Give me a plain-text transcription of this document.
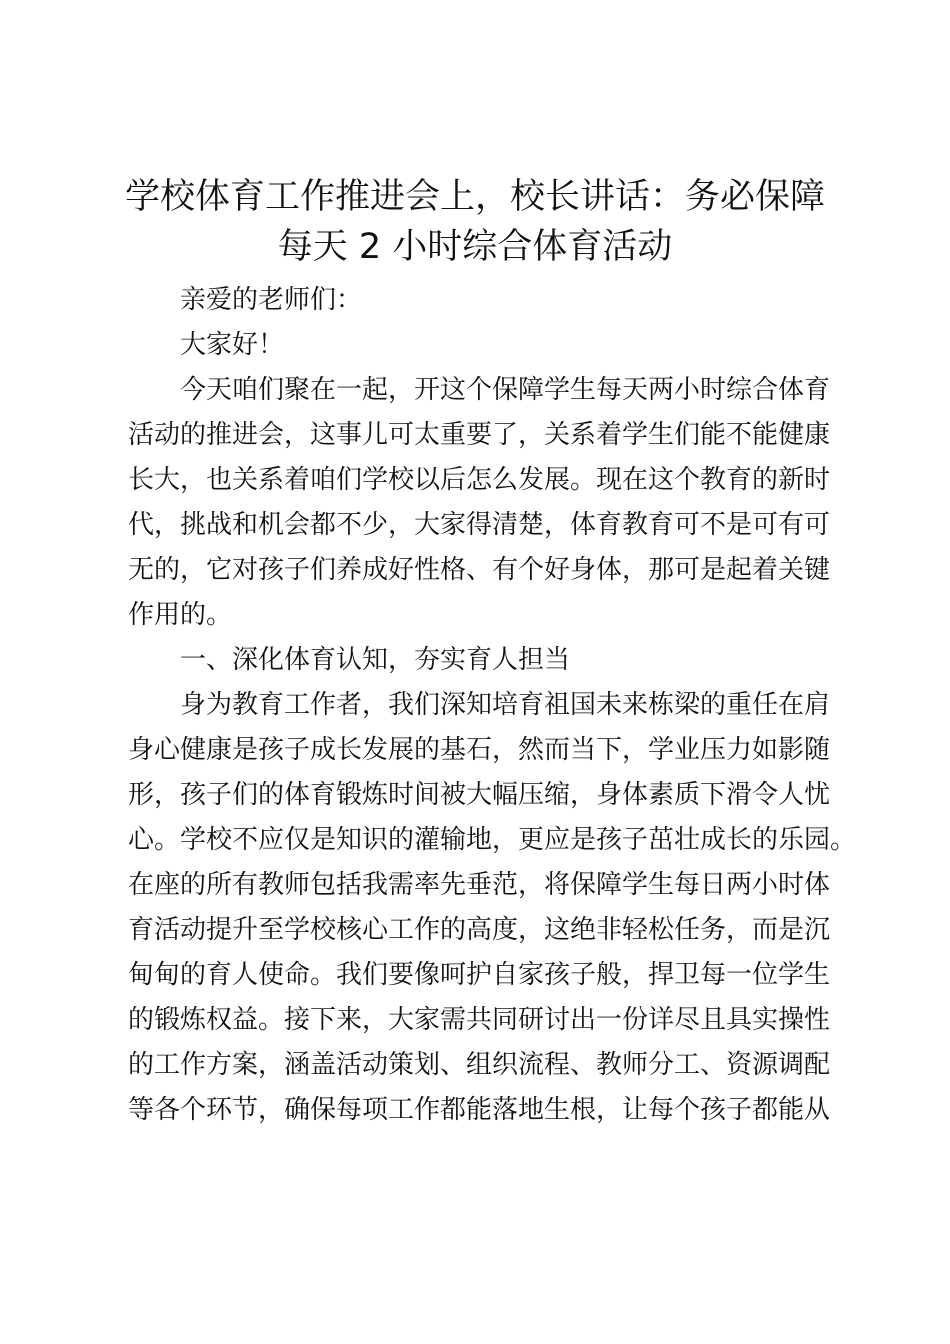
学校体育工作推进会上，校长讲话：务必保障
每天 2 小时综合体育活动
亲爱的老师们：
大家好！
今天咱们聚在一起，开这个保障学生每天两小时综合体育
活动的推进会，这事儿可太重要了，关系着学生们能不能健康
长大，也关系着咱们学校以后怎么发展。现在这个教育的新时
代，挑战和机会都不少，大家得清楚，体育教育可不是可有可
无的，它对孩子们养成好性格、有个好身体，那可是起着关键
作用的。
一、深化体育认知，夯实育人担当
身为教育工作者，我们深知培育祖国未来栋梁的重任在肩
身心健康是孩子成长发展的基石，然而当下，学业压力如影随
形，孩子们的体育锻炼时间被大幅压缩，身体素质下滑令人忧
心。学校不应仅是知识的灌输地，更应是孩子茁壮成长的乐园。
在座的所有教师包括我需率先垂范，将保障学生每日两小时体
育活动提升至学校核心工作的高度，这绝非轻松任务，而是沉
甸甸的育人使命。我们要像呵护自家孩子般，捍卫每一位学生
的锻炼权益。接下来，大家需共同研讨出一份详尽且具实操性
的工作方案，涵盖活动策划、组织流程、教师分工、资源调配
等各个环节，确保每项工作都能落地生根，让每个孩子都能从
